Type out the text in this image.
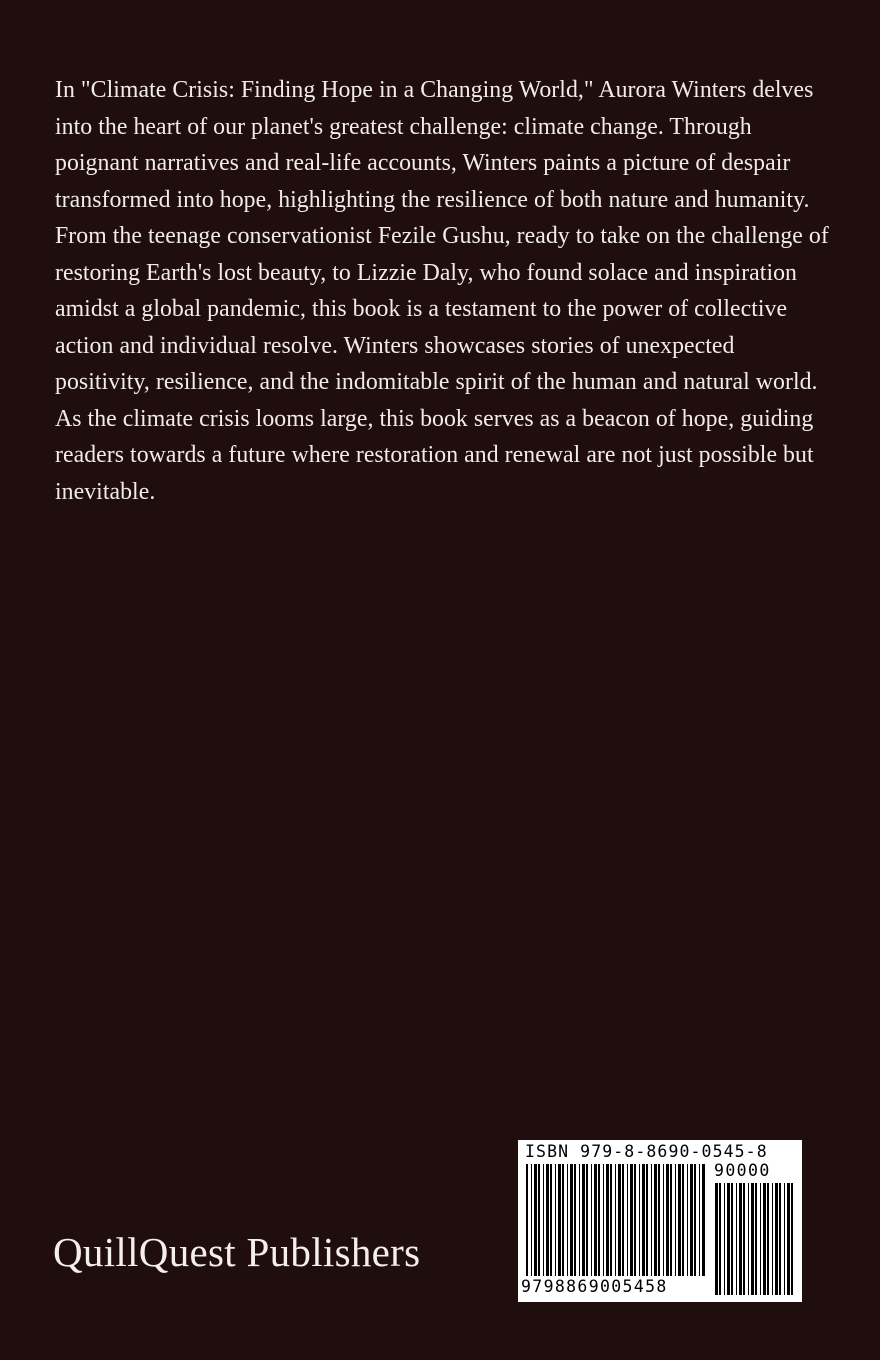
In "Climate Crisis: Finding Hope in a Changing World," Aurora Winters delves into the heart of our planet's greatest challenge: climate change. Through poignant narratives and real-life accounts, Winters paints a picture of despair transformed into hope, highlighting the resilience of both nature and humanity. From the teenage conservationist Fezile Gushu, ready to take on the challenge of restoring Earth's lost beauty, to Lizzie Daly, who found solace and inspiration amidst a global pandemic, this book is a testament to the power of collective action and individual resolve. Winters showcases stories of unexpected positivity, resilience, and the indomitable spirit of the human and natural world. As the climate crisis looms large, this book serves as a beacon of hope, guiding readers towards a future where restoration and renewal are not just possible but inevitable.

QuillQuest Publishers
ISBN 979-8-8690-0545-8
90000
9798869005458
